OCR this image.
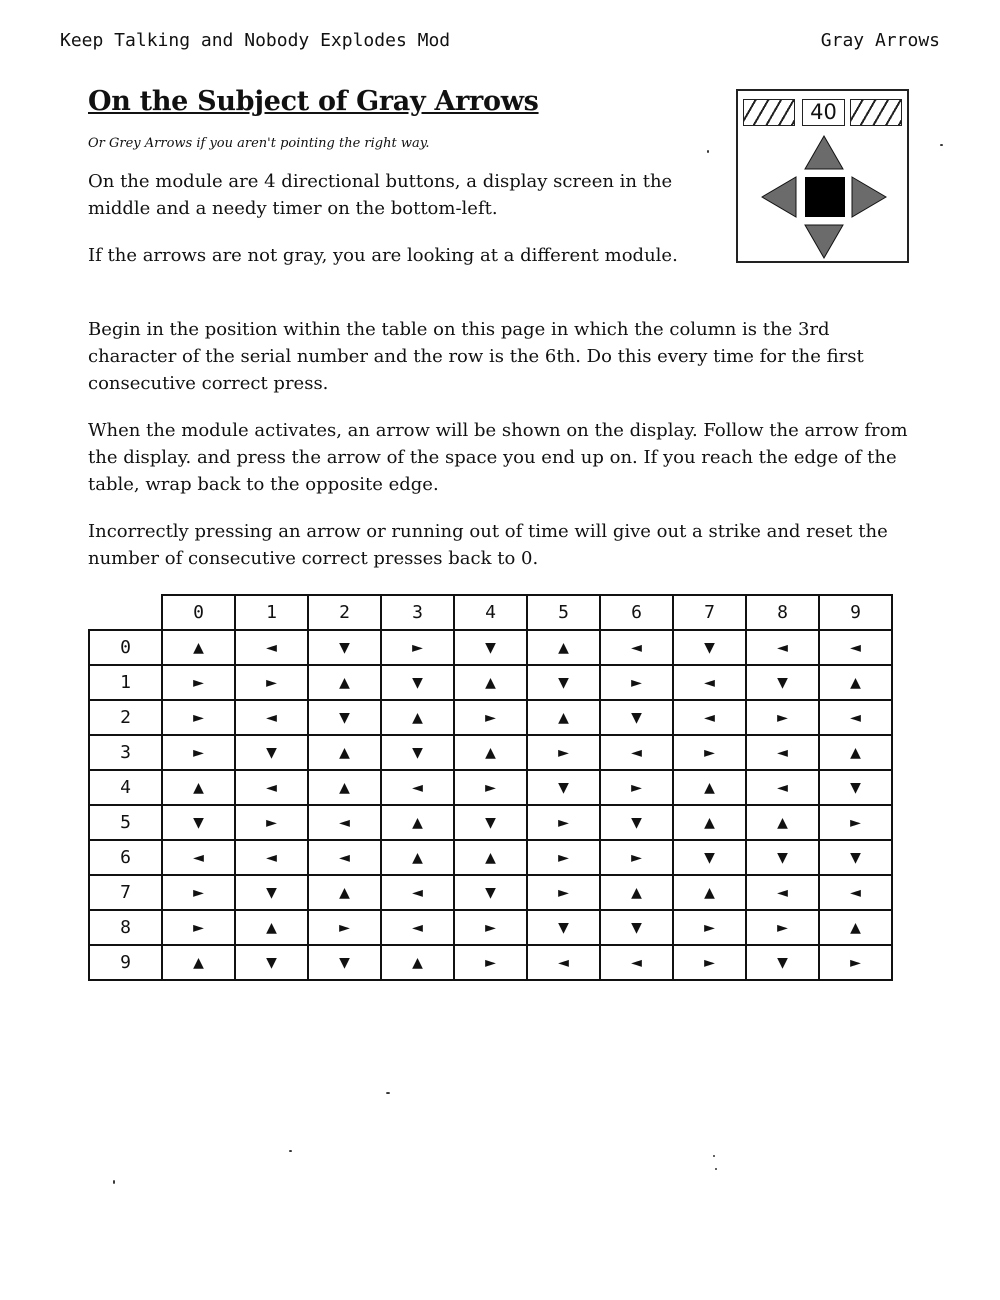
Keep Talking and Nobody Explodes Mod	Gray Arrows
On the Subject of Gray Arrows
Or Grey Arrows if you aren't pointing the right way.

On the module are 4 directional buttons, a display screen in the middle and a needy timer on the bottom-left.

If the arrows are not gray, you are looking at a different module.

Begin in the position within the table on this page in which the column is the 3rd character of the serial number and the row is the 6th. Do this every time for the first consecutive correct press.

When the module activates, an arrow will be shown on the display. Follow the arrow from the display. and press the arrow of the space you end up on. If you reach the edge of the table, wrap back to the opposite edge.

Incorrectly pressing an arrow or running out of time will give out a strike and reset the number of consecutive correct presses back to 0.

40
	0	1	2	3	4	5	6	7	8	9
0	▲	◄	▼	►	▼	▲	◄	▼	◄	◄
1	►	►	▲	▼	▲	▼	►	◄	▼	▲
2	►	◄	▼	▲	►	▲	▼	◄	►	◄
3	►	▼	▲	▼	▲	►	◄	►	◄	▲
4	▲	◄	▲	◄	►	▼	►	▲	◄	▼
5	▼	►	◄	▲	▼	►	▼	▲	▲	►
6	◄	◄	◄	▲	▲	►	►	▼	▼	▼
7	►	▼	▲	◄	▼	►	▲	▲	◄	◄
8	►	▲	►	◄	►	▼	▼	►	►	▲
9	▲	▼	▼	▲	►	◄	◄	►	▼	►
